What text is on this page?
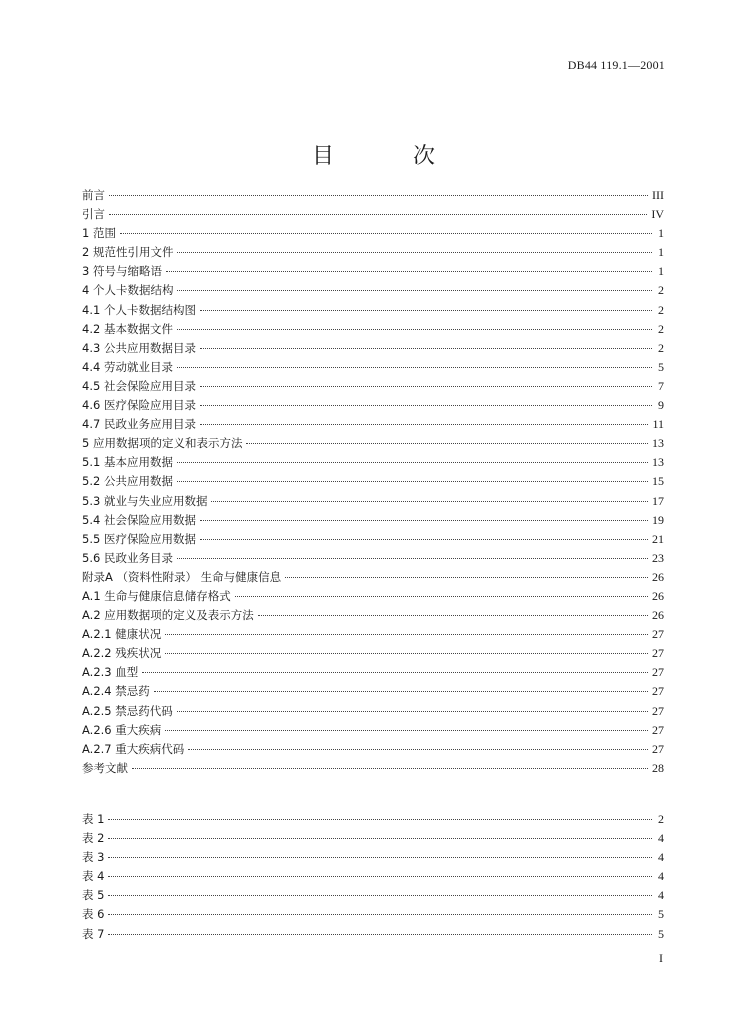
DB44 119.1—2001
目 次
前言	III
引言	IV
1 范围	1
2 规范性引用文件	1
3 符号与缩略语	1
4 个人卡数据结构	2
4.1 个人卡数据结构图	2
4.2 基本数据文件	2
4.3 公共应用数据目录	2
4.4 劳动就业目录	5
4.5 社会保险应用目录	7
4.6 医疗保险应用目录	9
4.7 民政业务应用目录	11
5 应用数据项的定义和表示方法	13
5.1 基本应用数据	13
5.2 公共应用数据	15
5.3 就业与失业应用数据	17
5.4 社会保险应用数据	19
5.5 医疗保险应用数据	21
5.6 民政业务目录	23
附录A （资料性附录） 生命与健康信息	26
A.1 生命与健康信息储存格式	26
A.2 应用数据项的定义及表示方法	26
A.2.1 健康状况	27
A.2.2 残疾状况	27
A.2.3 血型	27
A.2.4 禁忌药	27
A.2.5 禁忌药代码	27
A.2.6 重大疾病	27
A.2.7 重大疾病代码	27
参考文献	28
表 1	2
表 2	4
表 3	4
表 4	4
表 5	4
表 6	5
表 7	5
I
